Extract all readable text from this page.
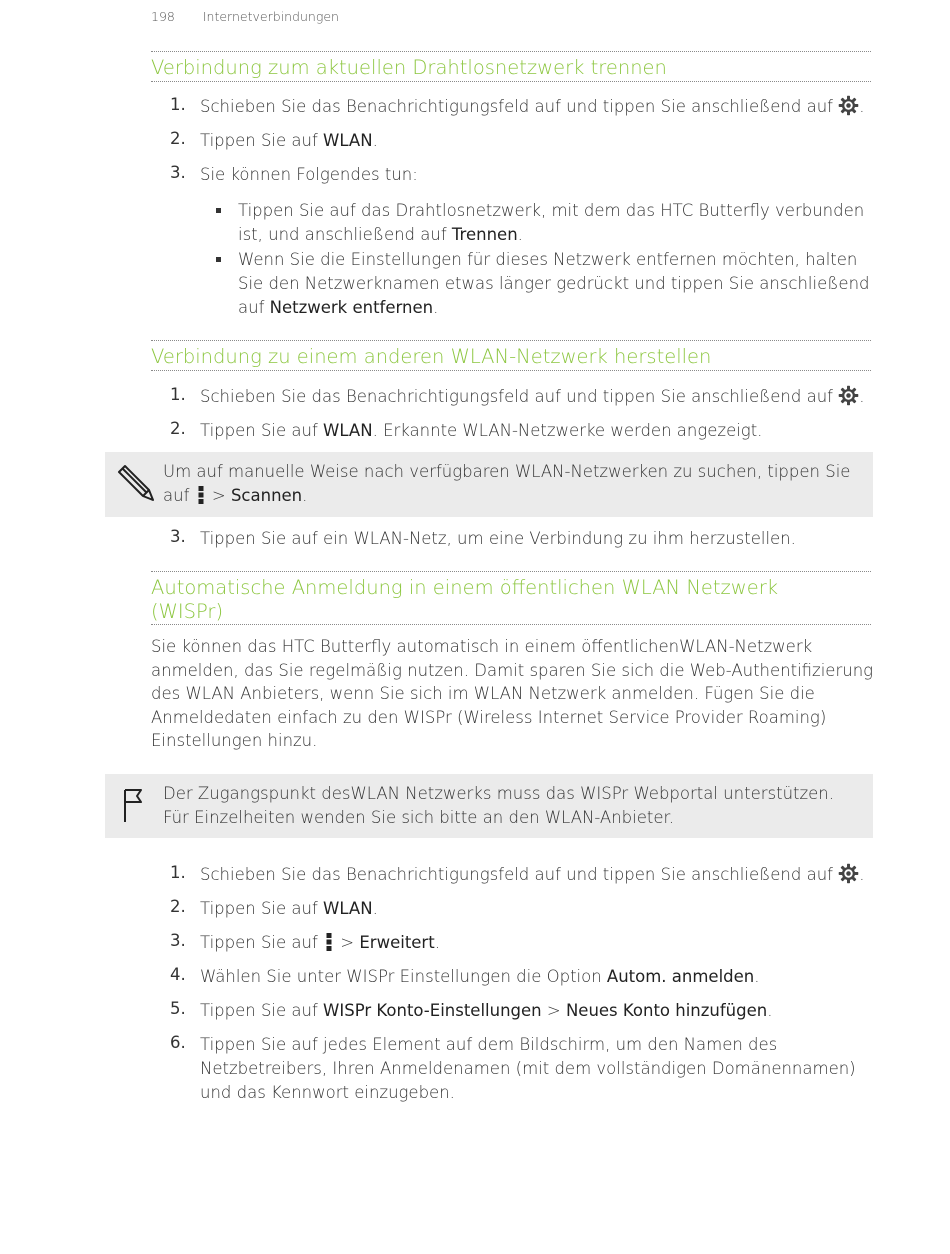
198 Internetverbindungen
Verbindung zum aktuellen Drahtlosnetzwerk trennen
1. Schieben Sie das Benachrichtigungsfeld auf und tippen Sie anschließend auf .
2. Tippen Sie auf WLAN.
3. Sie können Folgendes tun:
Tippen Sie auf das Drahtlosnetzwerk, mit dem das HTC Butterfly verbunden ist, und anschließend auf Trennen.
Wenn Sie die Einstellungen für dieses Netzwerk entfernen möchten, halten Sie den Netzwerknamen etwas länger gedrückt und tippen Sie anschließend auf Netzwerk entfernen.
Verbindung zu einem anderen WLAN-Netzwerk herstellen
1. Schieben Sie das Benachrichtigungsfeld auf und tippen Sie anschließend auf .
2. Tippen Sie auf WLAN. Erkannte WLAN-Netzwerke werden angezeigt.
Um auf manuelle Weise nach verfügbaren WLAN-Netzwerken zu suchen, tippen Sie
auf  > Scannen.
3. Tippen Sie auf ein WLAN-Netz, um eine Verbindung zu ihm herzustellen.
Automatische Anmeldung in einem öffentlichen WLAN Netzwerk
(WISPr)
Sie können das HTC Butterfly automatisch in einem öffentlichenWLAN-Netzwerk anmelden, das Sie regelmäßig nutzen. Damit sparen Sie sich die Web-Authentifizierung des WLAN Anbieters, wenn Sie sich im WLAN Netzwerk anmelden. Fügen Sie die Anmeldedaten einfach zu den WISPr (Wireless Internet Service Provider Roaming) Einstellungen hinzu.
Der Zugangspunkt desWLAN Netzwerks muss das WISPr Webportal unterstützen. Für Einzelheiten wenden Sie sich bitte an den WLAN-Anbieter.
1. Schieben Sie das Benachrichtigungsfeld auf und tippen Sie anschließend auf .
2. Tippen Sie auf WLAN.
3. Tippen Sie auf  > Erweitert.
4. Wählen Sie unter WISPr Einstellungen die Option Autom. anmelden.
5. Tippen Sie auf WISPr Konto-Einstellungen > Neues Konto hinzufügen.
6. Tippen Sie auf jedes Element auf dem Bildschirm, um den Namen des Netzbetreibers, Ihren Anmeldenamen (mit dem vollständigen Domänennamen) und das Kennwort einzugeben.
